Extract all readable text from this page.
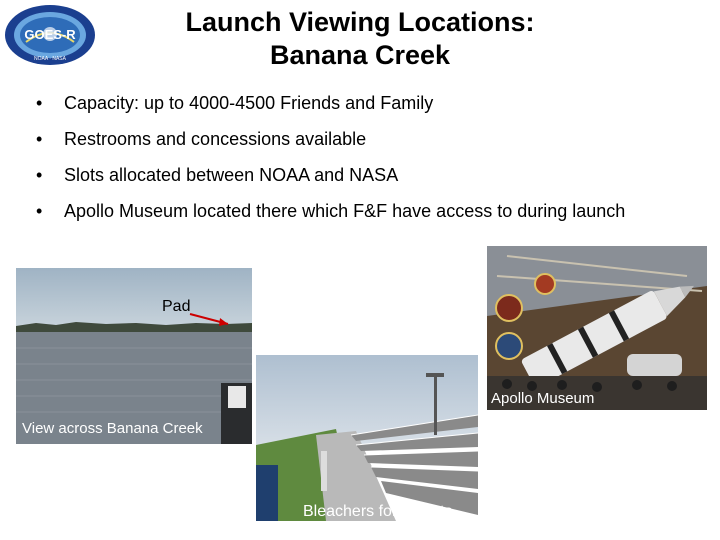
GOES-R
NOAA · NASA
Launch Viewing Locations:
Banana Creek
• Capacity: up to 4000-4500 Friends and Family
• Restrooms and concessions available
• Slots allocated between NOAA and NASA
• Apollo Museum located there which F&F have access to during launch
Pad
View across Banana Creek
Apollo Museum
Bleachers for Guests
